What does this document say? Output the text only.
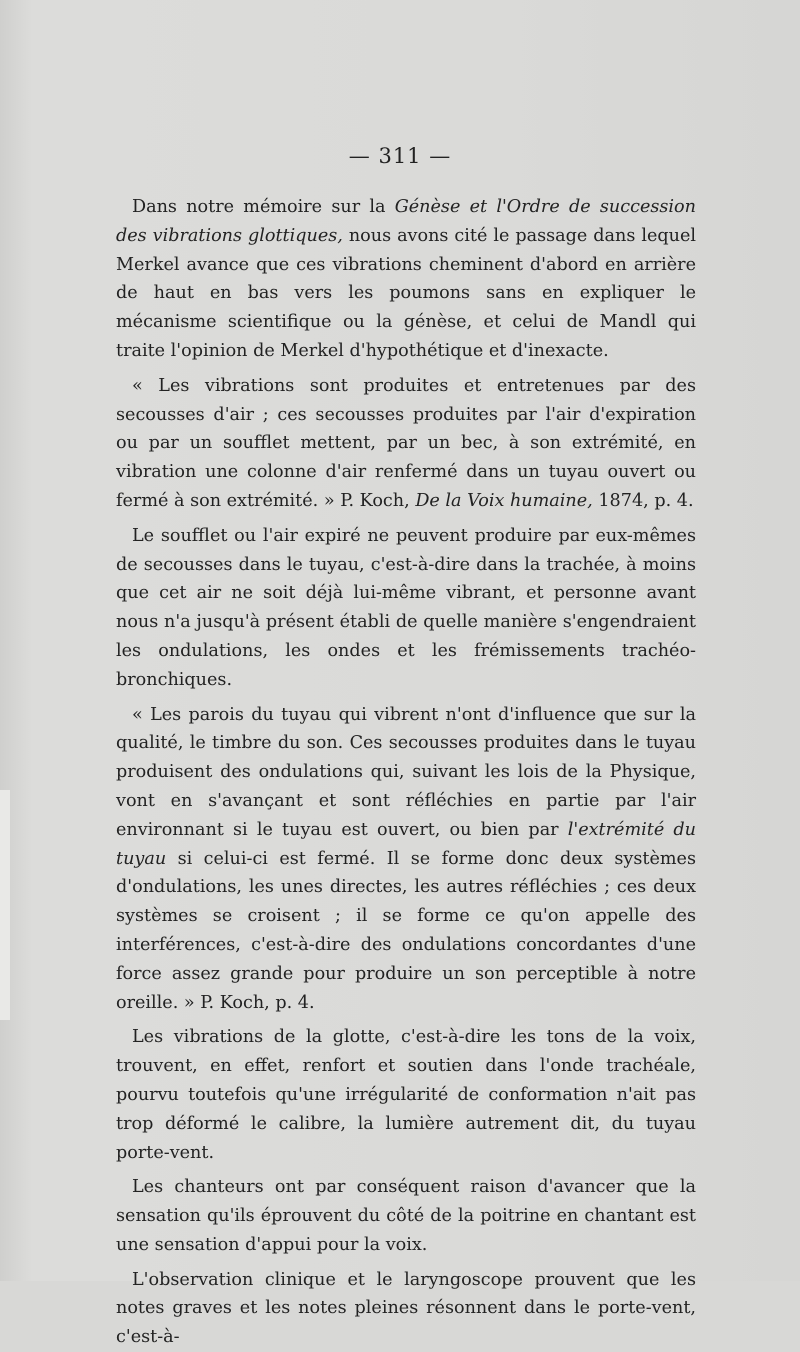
— 311 —

Dans notre mémoire sur la Génèse et l'Ordre de succession des vibrations glottiques, nous avons cité le passage dans lequel Merkel avance que ces vibrations cheminent d'abord en arrière de haut en bas vers les poumons sans en expliquer le mécanisme scientifique ou la génèse, et celui de Mandl qui traite l'opinion de Merkel d'hypothétique et d'inexacte.

« Les vibrations sont produites et entretenues par des secousses d'air ; ces secousses produites par l'air d'expiration ou par un soufflet mettent, par un bec, à son extrémité, en vibration une colonne d'air renfermé dans un tuyau ouvert ou fermé à son extrémité. » P. Koch, De la Voix humaine, 1874, p. 4.

Le soufflet ou l'air expiré ne peuvent produire par eux-mêmes de secousses dans le tuyau, c'est-à-dire dans la trachée, à moins que cet air ne soit déjà lui-même vibrant, et personne avant nous n'a jusqu'à présent établi de quelle manière s'engendraient les ondulations, les ondes et les frémissements trachéo-bronchiques.

« Les parois du tuyau qui vibrent n'ont d'influence que sur la qualité, le timbre du son. Ces secousses produites dans le tuyau produisent des ondulations qui, suivant les lois de la Physique, vont en s'avançant et sont réfléchies en partie par l'air environnant si le tuyau est ouvert, ou bien par l'extrémité du tuyau si celui-ci est fermé. Il se forme donc deux systèmes d'ondulations, les unes directes, les autres réfléchies ; ces deux systèmes se croisent ; il se forme ce qu'on appelle des interférences, c'est-à-dire des ondulations concordantes d'une force assez grande pour produire un son perceptible à notre oreille. » P. Koch, p. 4.

Les vibrations de la glotte, c'est-à-dire les tons de la voix, trouvent, en effet, renfort et soutien dans l'onde trachéale, pourvu toutefois qu'une irrégularité de conformation n'ait pas trop déformé le calibre, la lumière autrement dit, du tuyau porte-vent.

Les chanteurs ont par conséquent raison d'avancer que la sensation qu'ils éprouvent du côté de la poitrine en chantant est une sensation d'appui pour la voix.

L'observation clinique et le laryngoscope prouvent que les notes graves et les notes pleines résonnent dans le porte-vent, c'est-à-
